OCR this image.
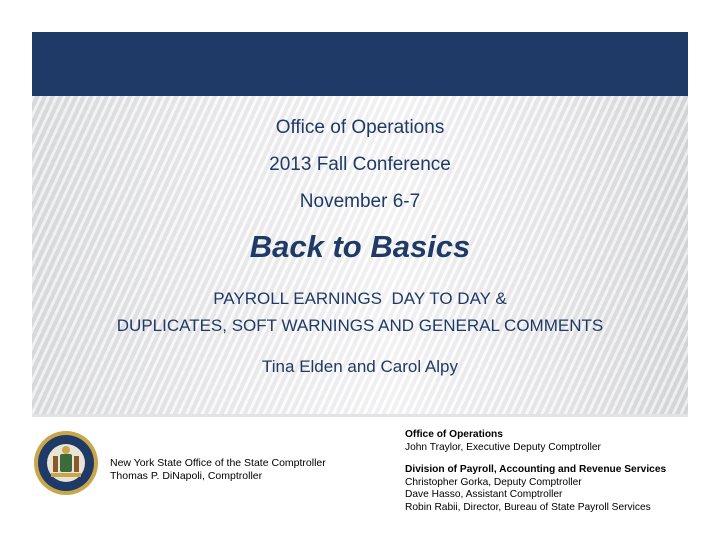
Office of Operations
2013 Fall Conference
November 6-7
Back to Basics
PAYROLL EARNINGS  DAY TO DAY &
DUPLICATES, SOFT WARNINGS AND GENERAL COMMENTS
Tina Elden and Carol Alpy
New York State Office of the State Comptroller
Thomas P. DiNapoli, Comptroller
Office of Operations
John Traylor, Executive Deputy Comptroller
Division of Payroll, Accounting and Revenue Services
Christopher Gorka, Deputy Comptroller
Dave Hasso, Assistant Comptroller
Robin Rabii, Director, Bureau of State Payroll Services
